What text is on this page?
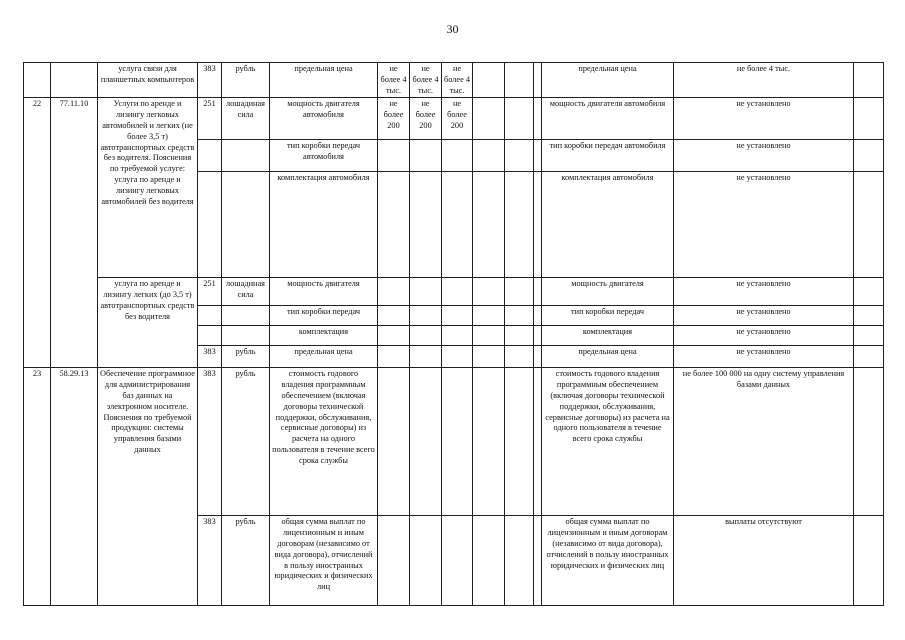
30
		услуга связи для планшетных компьютеров	383	рубль	предельная цена	не более 4 тыс.	не более 4 тыс.	не более 4 тыс.				предельная цена	не более 4 тыс.	
22	77.11.10	Услуги по аренде и лизингу легковых автомобилей и легких (не более 3,5 т) автотранспортных средств без водителя. Пояснения по требуемой услуге: услуга по аренде и лизингу легковых автомобилей без водителя	251	лошадиная сила	мощность двигателя автомобиля	не более 200	не более 200	не более 200				мощность двигателя автомобиля	не установлено	
					тип коробки передач автомобиля							тип коробки передач автомобиля	не установлено	
					комплектация автомобиля							комплектация автомобиля	не установлено	
		услуга по аренде и лизингу легких (до 3,5 т) автотранспортных средств без водителя	251	лошадиная сила	мощность двигателя							мощность двигателя	не установлено	
					тип коробки передач							тип коробки передач	не установлено	
					комплектация							комплектация	не установлено	
			383	рубль	предельная цена							предельная цена	не установлено	
23	58.29.13	Обеспечение программное для администрирования баз данных на электронном носителе. Пояснения по требуемой продукции: системы управления базами данных	383	рубль	стоимость годового владения программным обеспечением (включая договоры технической поддержки, обслуживания, сервисные договоры) из расчета на одного пользователя в течение всего срока службы							стоимость годового владения программным обеспечением (включая договоры технической поддержки, обслуживания, сервисные договоры) из расчета на одного пользователя в течение всего срока службы	не более 100 000 на одну систему управления базами данных	
			383	рубль	общая сумма выплат по лицензионным и иным договорам (независимо от вида договора), отчислений в пользу иностранных юридических и физических лиц							общая сумма выплат по лицензионным и иным договорам (независимо от вида договора), отчислений в пользу иностранных юридических и физических лиц	выплаты отсутствуют	
